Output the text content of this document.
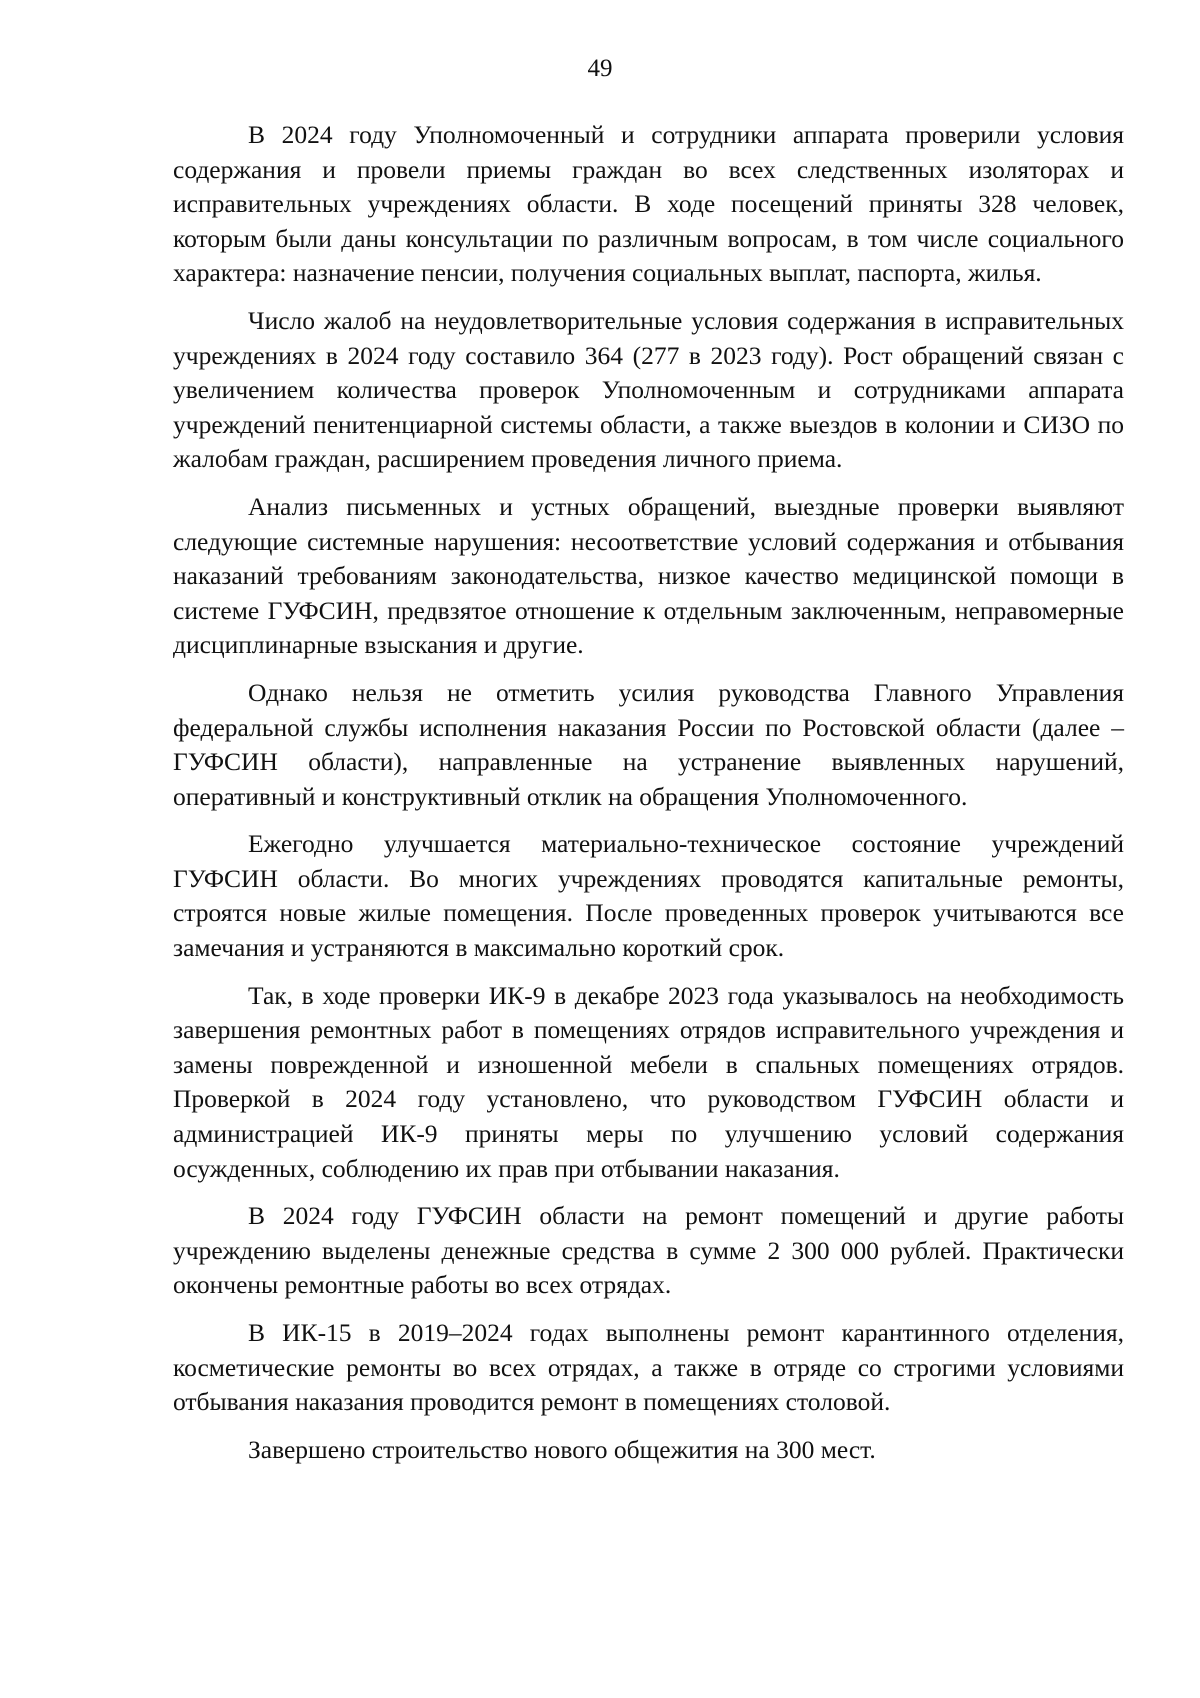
49

В 2024 году Уполномоченный и сотрудники аппарата проверили условия содержания и провели приемы граждан во всех следственных изоляторах и исправительных учреждениях области. В ходе посещений приняты 328 человек, которым были даны консультации по различным вопросам, в том числе социального характера: назначение пенсии, получения социальных выплат, паспорта, жилья.

Число жалоб на неудовлетворительные условия содержания в исправительных учреждениях в 2024 году составило 364 (277 в 2023 году). Рост обращений связан с увеличением количества проверок Уполномоченным и сотрудниками аппарата учреждений пенитенциарной системы области, а также выездов в колонии и СИЗО по жалобам граждан, расширением проведения личного приема.

Анализ письменных и устных обращений, выездные проверки выявляют следующие системные нарушения: несоответствие условий содержания и отбывания наказаний требованиям законодательства, низкое качество медицинской помощи в системе ГУФСИН, предвзятое отношение к отдельным заключенным, неправомерные дисциплинарные взыскания и другие.

Однако нельзя не отметить усилия руководства Главного Управления федеральной службы исполнения наказания России по Ростовской области (далее – ГУФСИН области), направленные на устранение выявленных нарушений, оперативный и конструктивный отклик на обращения Уполномоченного.

Ежегодно улучшается материально-техническое состояние учреждений ГУФСИН области. Во многих учреждениях проводятся капитальные ремонты, строятся новые жилые помещения. После проведенных проверок учитываются все замечания и устраняются в максимально короткий срок.

Так, в ходе проверки ИК-9 в декабре 2023 года указывалось на необходимость завершения ремонтных работ в помещениях отрядов исправительного учреждения и замены поврежденной и изношенной мебели в спальных помещениях отрядов. Проверкой в 2024 году установлено, что руководством ГУФСИН области и администрацией ИК-9 приняты меры по улучшению условий содержания осужденных, соблюдению их прав при отбывании наказания.

В 2024 году ГУФСИН области на ремонт помещений и другие работы учреждению выделены денежные средства в сумме 2 300 000 рублей. Практически окончены ремонтные работы во всех отрядах.

В ИК-15 в 2019–2024 годах выполнены ремонт карантинного отделения, косметические ремонты во всех отрядах, а также в отряде со строгими условиями отбывания наказания проводится ремонт в помещениях столовой.

Завершено строительство нового общежития на 300 мест.
